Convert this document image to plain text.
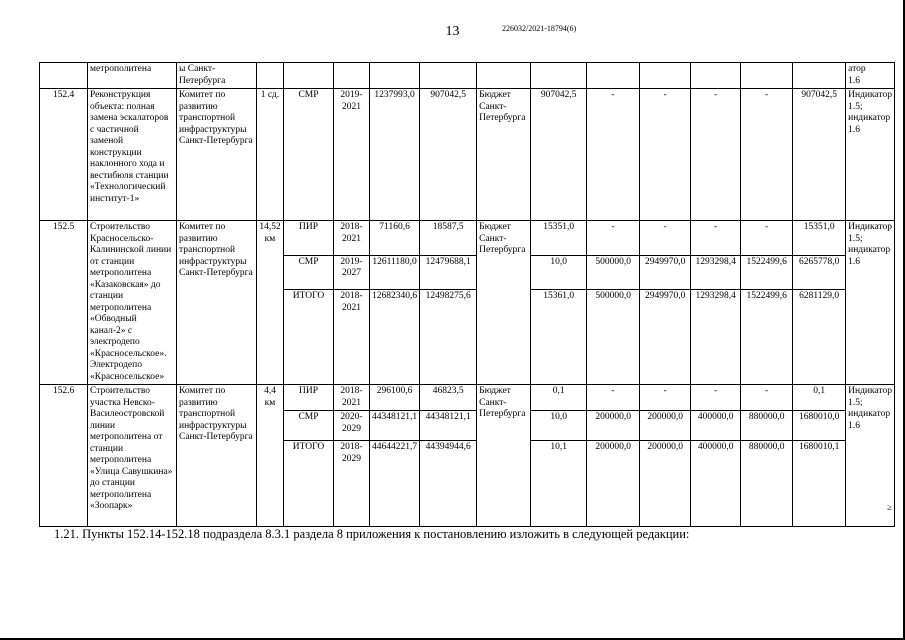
13	226032/2021-18794(6)
	метрополитена	ы Санкт-
Петербурга													атор
1.6
152.4	Реконструкция объекта: полная замена эскалаторов с частичной заменой конструкции наклонного хода и вестибюля станции «Технологический институт-1»	Комитет по развитию транспортной инфраструктуры Санкт-Петербурга	1 сд.	СМР	2019-2021	1237993,0	907042,5	Бюджет Санкт-Петербурга	907042,5	-	-	-	-	907042,5	Индикатор 1.5; индикатор 1.6
152.5	Строительство Красносельско-Калининской линии от станции метрополитена «Казаковская» до станции метрополитена «Обводный канал-2» с электродепо «Красносельское». Электродепо «Красносельское»	Комитет по развитию транспортной инфраструктуры Санкт-Петербурга	14,52 км	ПИР	2018-2021	71160,6	18587,5	Бюджет Санкт-Петербурга	15351,0	-	-	-	-	15351,0	Индикатор 1.5; индикатор 1.6
				СМР	2019-2027	12611180,0	12479688,1		10,0	500000,0	2949970,0	1293298,4	1522499,6	6265778,0	
				ИТОГО	2018-2021	12682340,6	12498275,6		15361,0	500000,0	2949970,0	1293298,4	1522499,6	6281129,0	
152.6	Строительство участка Невско-Василеостровской линии метрополитена от станции метрополитена «Улица Савушкина» до станции метрополитена «Зоопарк»	Комитет по развитию транспортной инфраструктуры Санкт-Петербурга	4,4 км	ПИР	2018-2021	296100,6	46823,5	Бюджет Санкт-Петербурга	0,1	-	-	-	-	0,1	Индикатор 1.5; индикатор 1.6
				СМР	2020-2029	44348121,1	44348121,1		10,0	200000,0	200000,0	400000,0	880000,0	1680010,0	
				ИТОГО	2018-2029	44644221,7	44394944,6		10,1	200000,0	200000,0	400000,0	880000,0	1680010,1	
≥
1.21. Пункты 152.14-152.18 подраздела 8.3.1 раздела 8 приложения к постановлению изложить в следующей редакции:
